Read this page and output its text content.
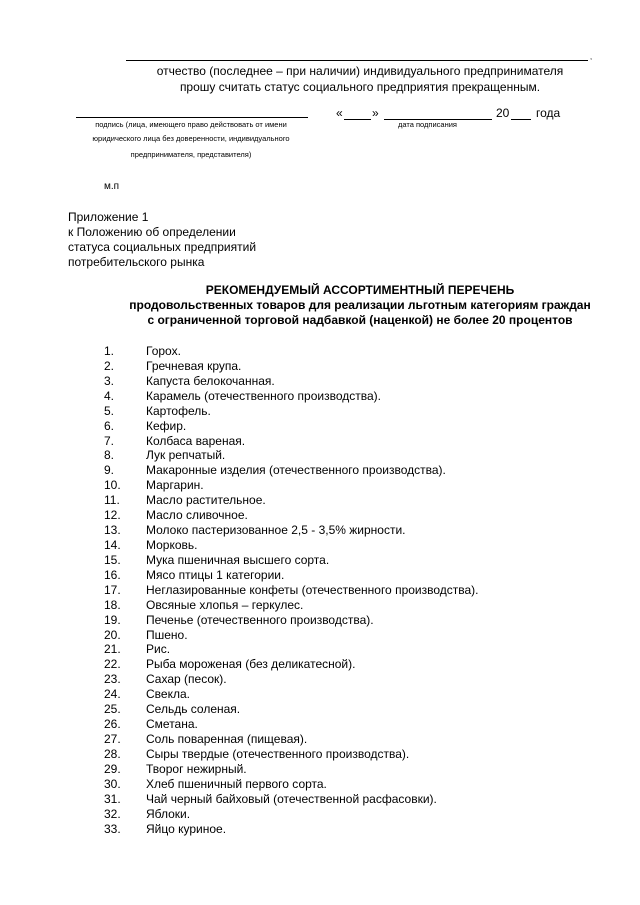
,
отчество (последнее – при наличии) индивидуального предпринимателя
прошу считать статус социального предприятия прекращенным.
подпись (лица, имеющего право действовать от имени
юридического лица без доверенности, индивидуального
предпринимателя, представителя)
« »	20 года
дата подписания
м.п
Приложение 1
к Положению об определении
статуса социальных предприятий
потребительского рынка
РЕКОМЕНДУЕМЫЙ АССОРТИМЕНТНЫЙ ПЕРЕЧЕНЬ
продовольственных товаров для реализации льготным категориям граждан
с ограниченной торговой надбавкой (наценкой) не более 20 процентов
1.	Горох.
2.	Гречневая крупа.
3.	Капуста белокочанная.
4.	Карамель (отечественного производства).
5.	Картофель.
6.	Кефир.
7.	Колбаса вареная.
8.	Лук репчатый.
9.	Макаронные изделия (отечественного производства).
10.	Маргарин.
11.	Масло растительное.
12.	Масло сливочное.
13.	Молоко пастеризованное 2,5 - 3,5% жирности.
14.	Морковь.
15.	Мука пшеничная высшего сорта.
16.	Мясо птицы 1 категории.
17.	Неглазированные конфеты (отечественного производства).
18.	Овсяные хлопья – геркулес.
19.	Печенье (отечественного производства).
20.	Пшено.
21.	Рис.
22.	Рыба мороженая (без деликатесной).
23.	Сахар (песок).
24.	Свекла.
25.	Сельдь соленая.
26.	Сметана.
27.	Соль поваренная (пищевая).
28.	Сыры твердые (отечественного производства).
29.	Творог нежирный.
30.	Хлеб пшеничный первого сорта.
31.	Чай черный байховый (отечественной расфасовки).
32.	Яблоки.
33.	Яйцо куриное.
